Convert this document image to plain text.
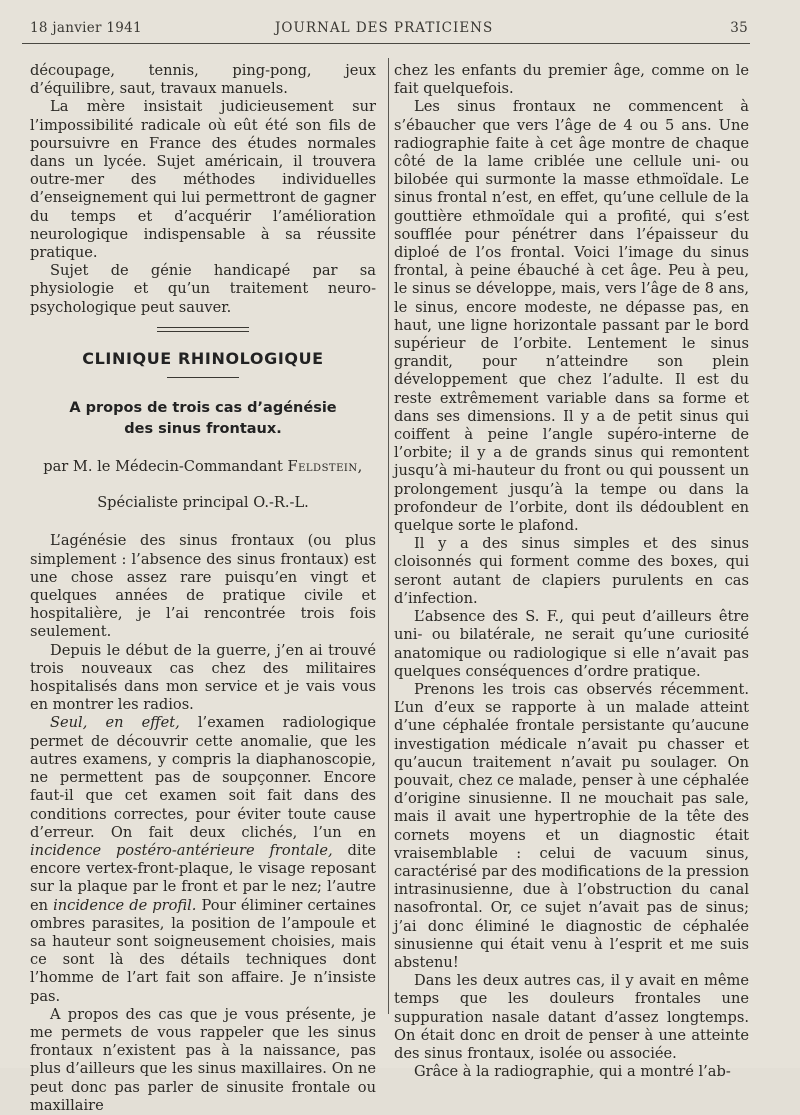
18 janvier 1941	JOURNAL DES PRATICIENS	35

découpage, tennis, ping-pong, jeux d’équilibre, saut, travaux manuels.

La mère insistait judicieusement sur l’impossibilité radicale où eût été son fils de poursuivre en France des études normales dans un lycée. Sujet américain, il trouvera outre-mer des méthodes individuelles d’enseignement qui lui permettront de gagner du temps et d’acquérir l’amélioration neurologique indispensable à sa réussite pratique.

Sujet de génie handicapé par sa physiologie et qu’un traitement neuro-psychologique peut sauver.

CLINIQUE RHINOLOGIQUE
A propos de trois cas d’agénésie
des sinus frontaux.
par M. le Médecin-Commandant Feldstein,
Spécialiste principal O.-R.-L.

L’agénésie des sinus frontaux (ou plus simplement : l’absence des sinus frontaux) est une chose assez rare puisqu’en vingt et quelques années de pratique civile et hospitalière, je l’ai rencontrée trois fois seulement.

Depuis le début de la guerre, j’en ai trouvé trois nouveaux cas chez des militaires hospitalisés dans mon service et je vais vous en montrer les radios.

Seul, en effet, l’examen radiologique permet de découvrir cette anomalie, que les autres examens, y compris la diaphanoscopie, ne permettent pas de soupçonner. Encore faut-il que cet examen soit fait dans des conditions correctes, pour éviter toute cause d’erreur. On fait deux clichés, l’un en incidence postéro-antérieure frontale, dite encore vertex-front-plaque, le visage reposant sur la plaque par le front et par le nez; l’autre en incidence de profil. Pour éliminer certaines ombres parasites, la position de l’ampoule et sa hauteur sont soigneusement choisies, mais ce sont là des détails techniques dont l’homme de l’art fait son affaire. Je n’insiste pas.

A propos des cas que je vous présente, je me permets de vous rappeler que les sinus frontaux n’existent pas à la naissance, pas plus d’ailleurs que les sinus maxillaires. On ne peut donc pas parler de sinusite frontale ou maxillaire

chez les enfants du premier âge, comme on le fait quelquefois.

Les sinus frontaux ne commencent à s’ébaucher que vers l’âge de 4 ou 5 ans. Une radiographie faite à cet âge montre de chaque côté de la lame criblée une cellule uni- ou bilobée qui surmonte la masse ethmoïdale. Le sinus frontal n’est, en effet, qu’une cellule de la gouttière ethmoïdale qui a profité, qui s’est soufflée pour pénétrer dans l’épaisseur du diploé de l’os frontal. Voici l’image du sinus frontal, à peine ébauché à cet âge. Peu à peu, le sinus se développe, mais, vers l’âge de 8 ans, le sinus, encore modeste, ne dépasse pas, en haut, une ligne horizontale passant par le bord supérieur de l’orbite. Lentement le sinus grandit, pour n’atteindre son plein développement que chez l’adulte. Il est du reste extrêmement variable dans sa forme et dans ses dimensions. Il y a de petit sinus qui coiffent à peine l’angle supéro-interne de l’orbite; il y a de grands sinus qui remontent jusqu’à mi-hauteur du front ou qui poussent un prolongement jusqu’à la tempe ou dans la profondeur de l’orbite, dont ils dédoublent en quelque sorte le plafond.

Il y a des sinus simples et des sinus cloisonnés qui forment comme des boxes, qui seront autant de clapiers purulents en cas d’infection.

L’absence des S. F., qui peut d’ailleurs être uni- ou bilatérale, ne serait qu’une curiosité anatomique ou radiologique si elle n’avait pas quelques conséquences d’ordre pratique.

Prenons les trois cas observés récemment. L’un d’eux se rapporte à un malade atteint d’une céphalée frontale persistante qu’aucune investigation médicale n’avait pu chasser et qu’aucun traitement n’avait pu soulager. On pouvait, chez ce malade, penser à une céphalée d’origine sinusienne. Il ne mouchait pas sale, mais il avait une hypertrophie de la tête des cornets moyens et un diagnostic était vraisemblable : celui de vacuum sinus, caractérisé par des modifications de la pression intrasinusienne, due à l’obstruction du canal nasofrontal. Or, ce sujet n’avait pas de sinus; j’ai donc éliminé le diagnostic de céphalée sinusienne qui était venu à l’esprit et me suis abstenu!

Dans les deux autres cas, il y avait en même temps que les douleurs frontales une suppuration nasale datant d’assez longtemps. On était donc en droit de penser à une atteinte des sinus frontaux, isolée ou associée.

Grâce à la radiographie, qui a montré l’ab-
